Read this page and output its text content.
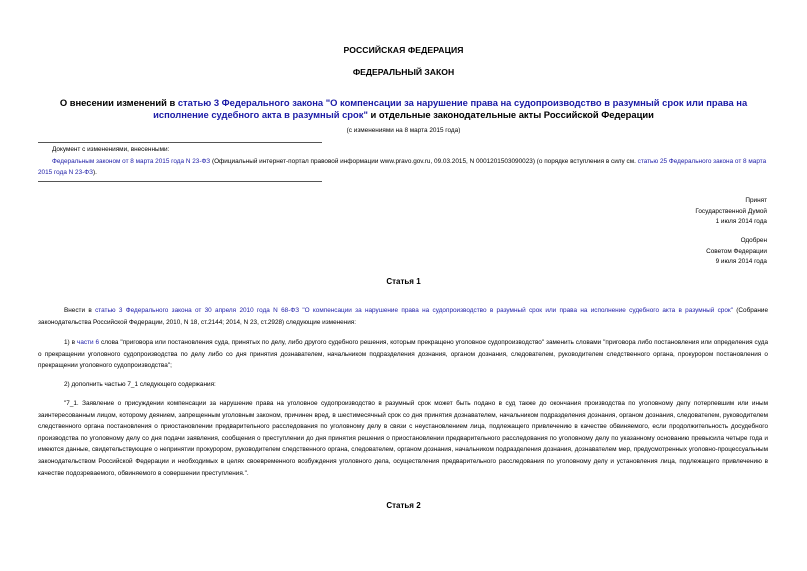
РОССИЙСКАЯ ФЕДЕРАЦИЯ
ФЕДЕРАЛЬНЫЙ ЗАКОН
О внесении изменений в статью 3 Федерального закона "О компенсации за нарушение права на судопроизводство в разумный срок или права на исполнение судебного акта в разумный срок" и отдельные законодательные акты Российской Федерации
(с изменениями на 8 марта 2015 года)
Документ с изменениями, внесенными:
Федеральным законом от 8 марта 2015 года N 23-ФЗ (Официальный интернет-портал правовой информации www.pravo.gov.ru, 09.03.2015, N 0001201503090023) (о порядке вступления в силу см. статью 25 Федерального закона от 8 марта 2015 года N 23-ФЗ).
Принят
Государственной Думой
1 июля 2014 года
Одобрен
Советом Федерации
9 июля 2014 года
Статья 1
Внести в статью 3 Федерального закона от 30 апреля 2010 года N 68-ФЗ "О компенсации за нарушение права на судопроизводство в разумный срок или права на исполнение судебного акта в разумный срок" (Собрание законодательства Российской Федерации, 2010, N 18, ст.2144; 2014, N 23, ст.2928) следующие изменения:
1) в части 6 слова "приговора или постановления суда, принятых по делу, либо другого судебного решения, которым прекращено уголовное судопроизводство" заменить словами "приговора либо постановления или определения суда о прекращении уголовного судопроизводства по делу либо со дня принятия дознавателем, начальником подразделения дознания, органом дознания, следователем, руководителем следственного органа, прокурором постановления о прекращении уголовного судопроизводства";
2) дополнить частью 7_1 следующего содержания:
"7_1. Заявление о присуждении компенсации за нарушение права на уголовное судопроизводство в разумный срок может быть подано в суд также до окончания производства по уголовному делу потерпевшим или иным заинтересованным лицом, которому деянием, запрещенным уголовным законом, причинен вред, в шестимесячный срок со дня принятия дознавателем, начальником подразделения дознания, органом дознания, следователем, руководителем следственного органа постановления о приостановлении предварительного расследования по уголовному делу в связи с неустановлением лица, подлежащего привлечению в качестве обвиняемого, если продолжительность досудебного производства по уголовному делу со дня подачи заявления, сообщения о преступлении до дня принятия решения о приостановлении предварительного расследования по уголовному делу по указанному основанию превысила четыре года и имеются данные, свидетельствующие о непринятии прокурором, руководителем следственного органа, следователем, органом дознания, начальником подразделения дознания, дознавателем мер, предусмотренных уголовно-процессуальным законодательством Российской Федерации и необходимых в целях своевременного возбуждения уголовного дела, осуществления предварительного расследования по уголовному делу и установления лица, подлежащего привлечению в качестве подозреваемого, обвиняемого в совершении преступления.".
Статья 2
